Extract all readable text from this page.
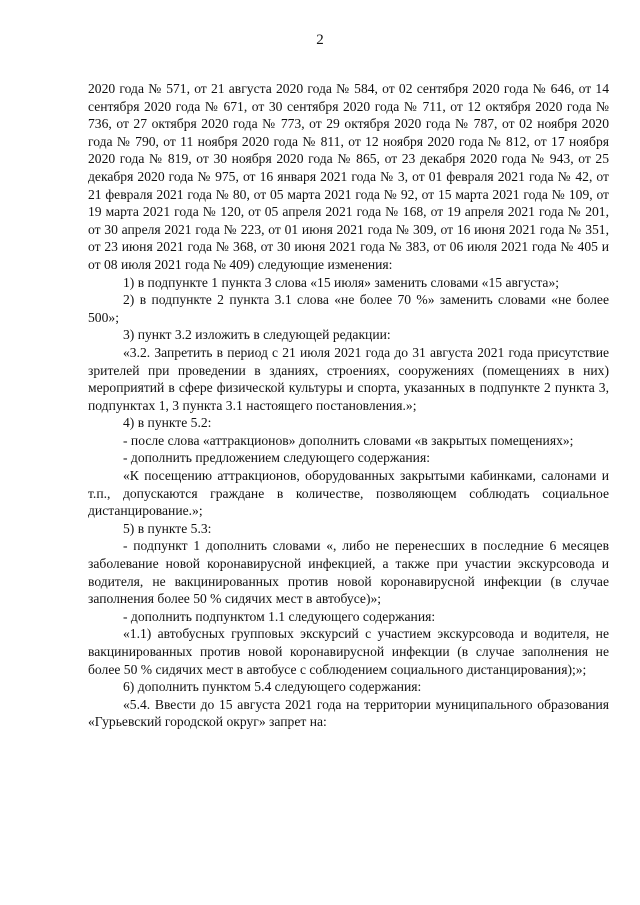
2

2020 года № 571, от 21 августа 2020 года № 584, от 02 сентября 2020 года № 646, от 14 сентября 2020 года № 671, от 30 сентября 2020 года № 711, от 12 октября 2020 года № 736, от 27 октября 2020 года № 773, от 29 октября 2020 года № 787, от 02 ноября 2020 года № 790, от 11 ноября 2020 года № 811, от 12 ноября 2020 года № 812, от 17 ноября 2020 года № 819, от 30 ноября 2020 года № 865, от 23 декабря 2020 года № 943, от 25 декабря 2020 года № 975, от 16 января 2021 года № 3, от 01 февраля 2021 года № 42, от 21 февраля 2021 года № 80, от 05 марта 2021 года № 92, от 15 марта 2021 года № 109, от 19 марта 2021 года № 120, от 05 апреля 2021 года № 168, от 19 апреля 2021 года № 201, от 30 апреля 2021 года № 223, от 01 июня 2021 года № 309, от 16 июня 2021 года № 351, от 23 июня 2021 года № 368, от 30 июня 2021 года № 383, от 06 июля 2021 года № 405 и от 08 июля 2021 года № 409) следующие изменения:

1) в подпункте 1 пункта 3 слова «15 июля» заменить словами «15 августа»;

2) в подпункте 2 пункта 3.1 слова «не более 70 %» заменить словами «не более 500»;

3) пункт 3.2 изложить в следующей редакции:

«3.2. Запретить в период с 21 июля 2021 года до 31 августа 2021 года присутствие зрителей при проведении в зданиях, строениях, сооружениях (помещениях в них) мероприятий в сфере физической культуры и спорта, указанных в подпункте 2 пункта 3, подпунктах 1, 3 пункта 3.1 настоящего постановления.»;

4) в пункте 5.2:

- после слова «аттракционов» дополнить словами «в закрытых помещениях»;

- дополнить предложением следующего содержания:

«К посещению аттракционов, оборудованных закрытыми кабинками, салонами и т.п., допускаются граждане в количестве, позволяющем соблюдать социальное дистанцирование.»;

5) в пункте 5.3:

- подпункт 1 дополнить словами «, либо не перенесших в последние 6 месяцев заболевание новой коронавирусной инфекцией, а также при участии экскурсовода и водителя, не вакцинированных против новой коронавирусной инфекции (в случае заполнения более 50 % сидячих мест в автобусе)»;

- дополнить подпунктом 1.1 следующего содержания:

«1.1) автобусных групповых экскурсий с участием экскурсовода и водителя, не вакцинированных против новой коронавирусной инфекции (в случае заполнения не более 50 % сидячих мест в автобусе с соблюдением социального дистанцирования);»;

6) дополнить пунктом 5.4 следующего содержания:

«5.4. Ввести до 15 августа 2021 года на территории муниципального образования «Гурьевский городской округ» запрет на:
